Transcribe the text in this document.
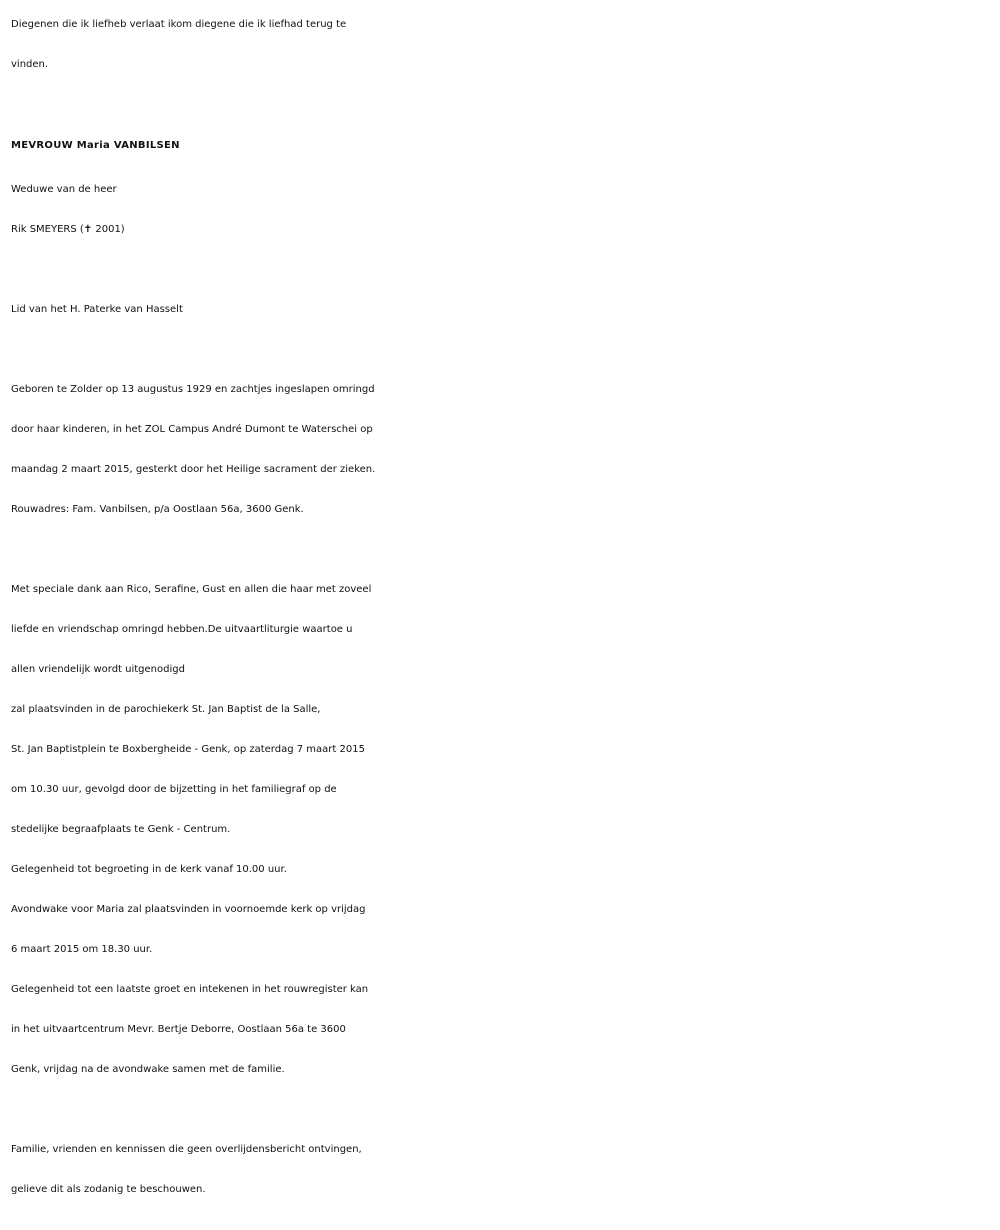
Diegenen die ik liefheb verlaat ikom diegene die ik liefhad terug te

vinden.

MEVROUW Maria VANBILSEN

Weduwe van de heer

Rik SMEYERS (✝ 2001)

Lid van het H. Paterke van Hasselt

Geboren te Zolder op 13 augustus 1929 en zachtjes ingeslapen omringd

door haar kinderen, in het ZOL Campus André Dumont te Waterschei op

maandag 2 maart 2015, gesterkt door het Heilige sacrament der zieken.

Rouwadres: Fam. Vanbilsen, p/a Oostlaan 56a, 3600 Genk.

Met speciale dank aan Rico, Serafine, Gust en allen die haar met zoveel

liefde en vriendschap omringd hebben.De uitvaartliturgie waartoe u

allen vriendelijk wordt uitgenodigd

zal plaatsvinden in de parochiekerk St. Jan Baptist de la Salle,

St. Jan Baptistplein te Boxbergheide - Genk, op zaterdag 7 maart 2015

om 10.30 uur, gevolgd door de bijzetting in het familiegraf op de

stedelijke begraafplaats te Genk - Centrum.

Gelegenheid tot begroeting in de kerk vanaf 10.00 uur.

Avondwake voor Maria zal plaatsvinden in voornoemde kerk op vrijdag

6 maart 2015 om 18.30 uur.

Gelegenheid tot een laatste groet en intekenen in het rouwregister kan

in het uitvaartcentrum Mevr. Bertje Deborre, Oostlaan 56a te 3600

Genk, vrijdag na de avondwake samen met de familie.

Familie, vrienden en kennissen die geen overlijdensbericht ontvingen,

gelieve dit als zodanig te beschouwen.
